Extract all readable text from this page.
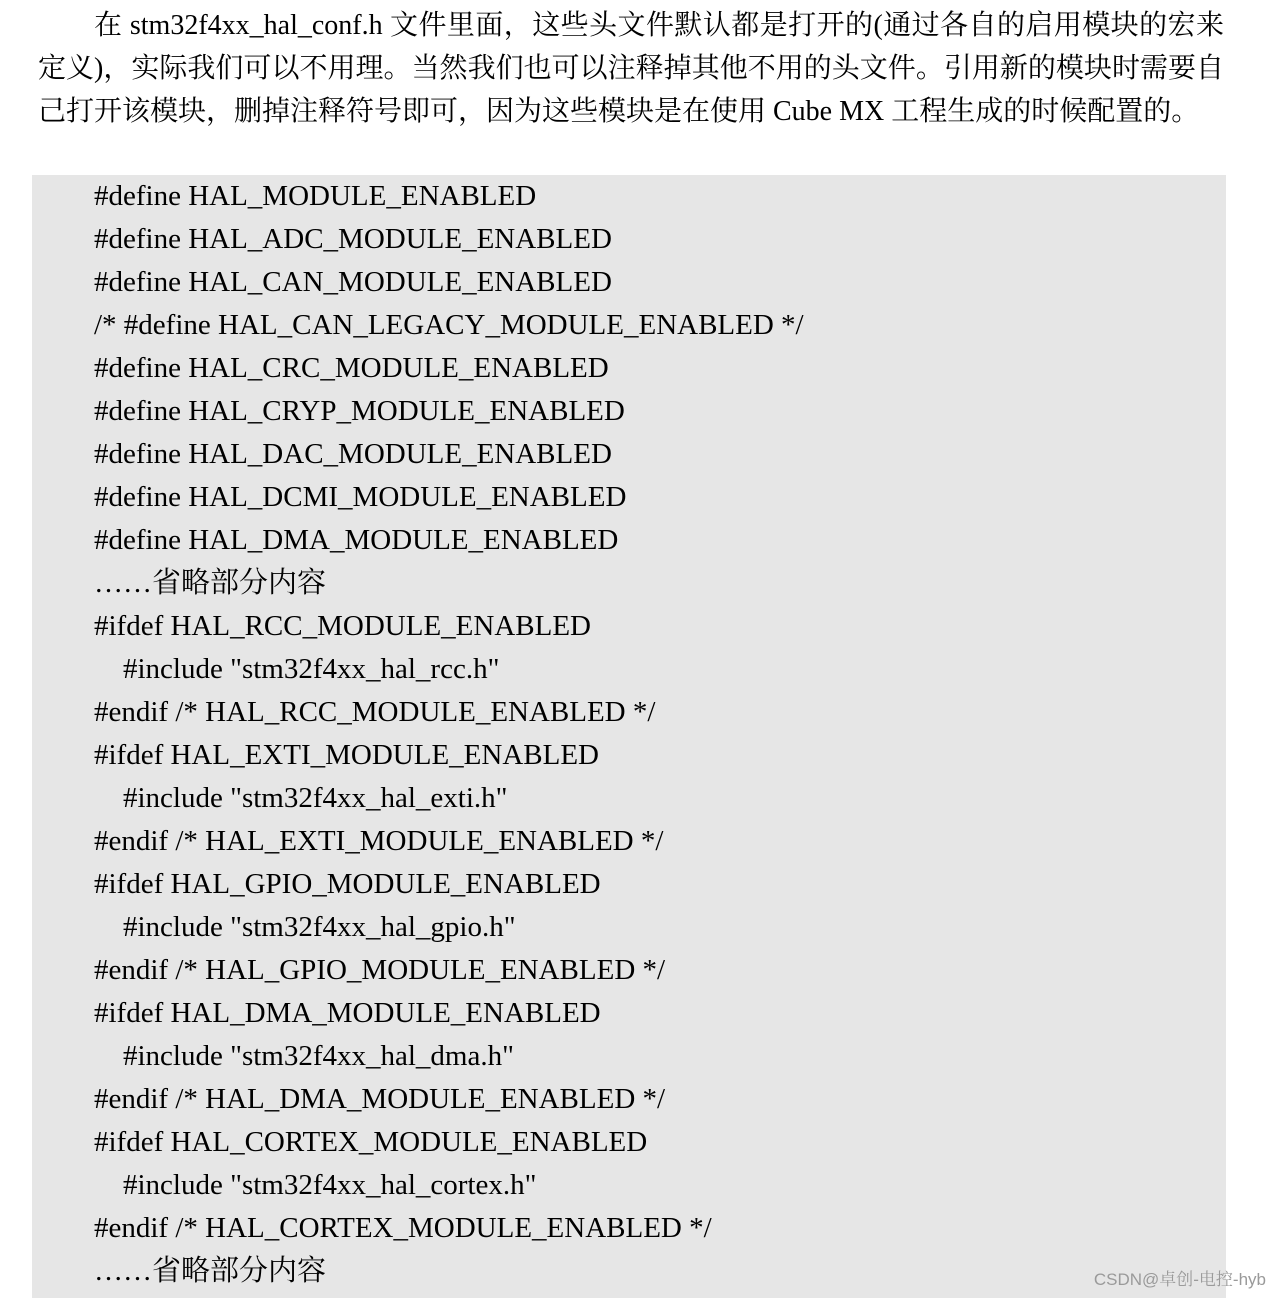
在 stm32f4xx_hal_conf.h 文件里面，这些头文件默认都是打开的(通过各自的启用模块的宏来定义)，实际我们可以不用理。当然我们也可以注释掉其他不用的头文件。引用新的模块时需要自己打开该模块，删掉注释符号即可，因为这些模块是在使用 Cube MX 工程生成的时候配置的。

#define HAL_MODULE_ENABLED
#define HAL_ADC_MODULE_ENABLED
#define HAL_CAN_MODULE_ENABLED
/* #define HAL_CAN_LEGACY_MODULE_ENABLED */
#define HAL_CRC_MODULE_ENABLED
#define HAL_CRYP_MODULE_ENABLED
#define HAL_DAC_MODULE_ENABLED
#define HAL_DCMI_MODULE_ENABLED
#define HAL_DMA_MODULE_ENABLED
……省略部分内容
#ifdef HAL_RCC_MODULE_ENABLED
#include "stm32f4xx_hal_rcc.h"
#endif /* HAL_RCC_MODULE_ENABLED */
#ifdef HAL_EXTI_MODULE_ENABLED
#include "stm32f4xx_hal_exti.h"
#endif /* HAL_EXTI_MODULE_ENABLED */
#ifdef HAL_GPIO_MODULE_ENABLED
#include "stm32f4xx_hal_gpio.h"
#endif /* HAL_GPIO_MODULE_ENABLED */
#ifdef HAL_DMA_MODULE_ENABLED
#include "stm32f4xx_hal_dma.h"
#endif /* HAL_DMA_MODULE_ENABLED */
#ifdef HAL_CORTEX_MODULE_ENABLED
#include "stm32f4xx_hal_cortex.h"
#endif /* HAL_CORTEX_MODULE_ENABLED */
……省略部分内容	CSDN@卓创-电控-hyb
